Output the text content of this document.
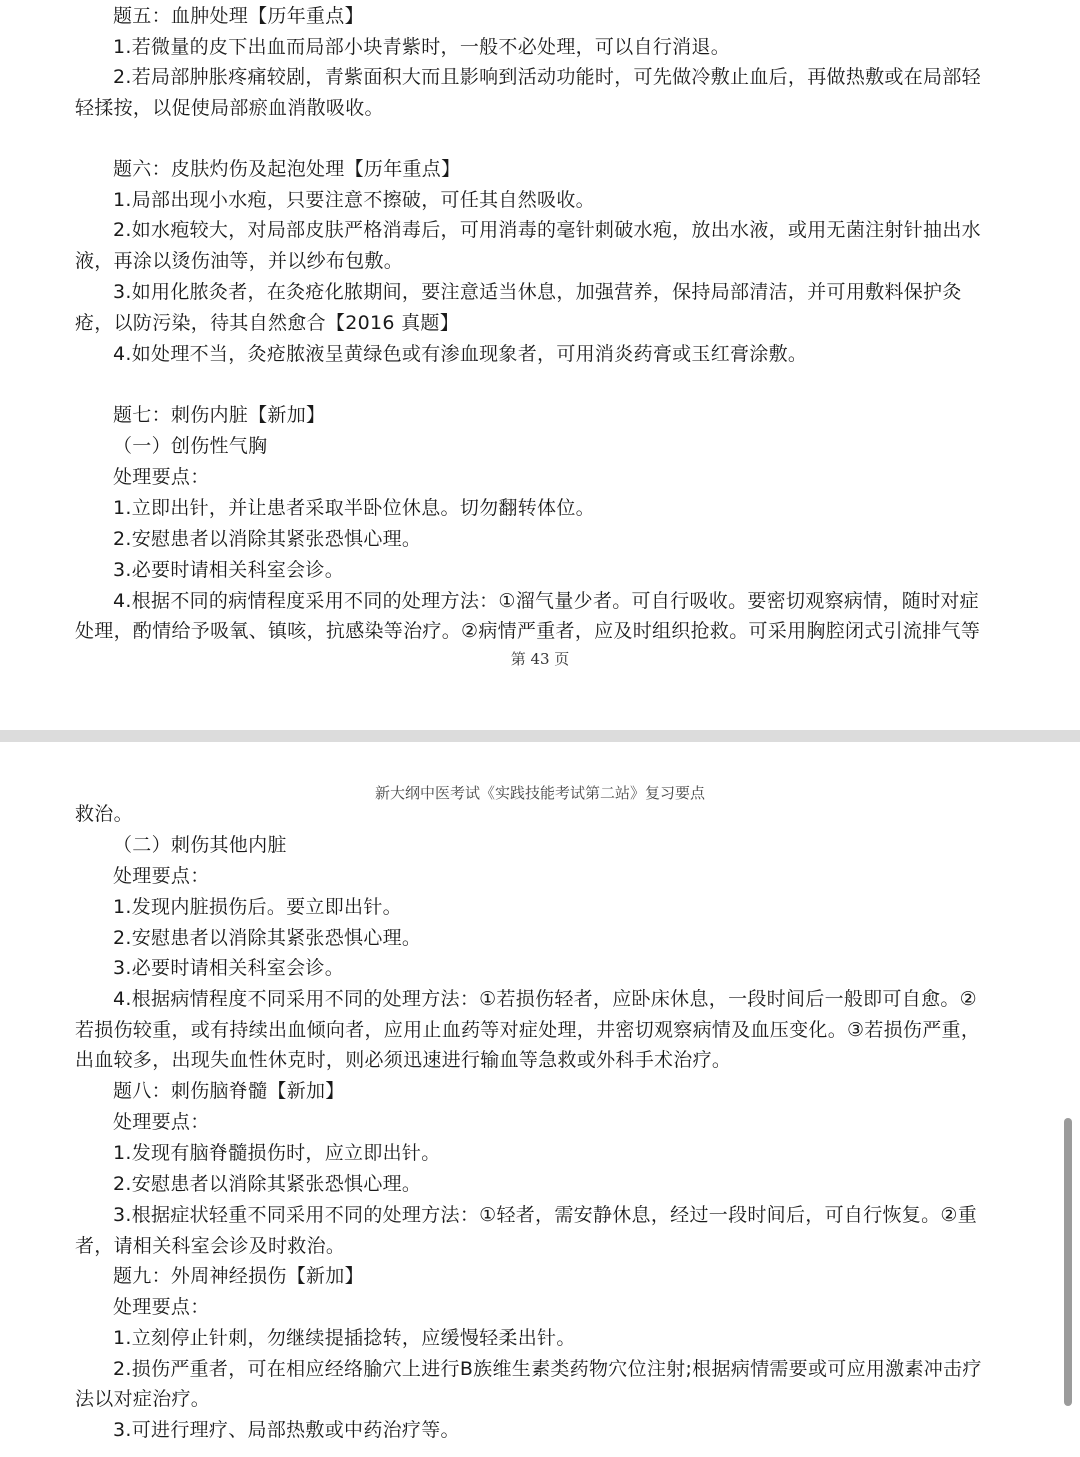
题五：血肿处理【历年重点】
1.若微量的皮下出血而局部小块青紫时，一般不必处理，可以自行消退。
2.若局部肿胀疼痛较剧，青紫面积大而且影响到活动功能时，可先做冷敷止血后，再做热敷或在局部轻
轻揉按，以促使局部瘀血消散吸收。
题六：皮肤灼伤及起泡处理【历年重点】
1.局部出现小水疱，只要注意不擦破，可任其自然吸收。
2.如水疱较大，对局部皮肤严格消毒后，可用消毒的毫针刺破水疱，放出水液，或用无菌注射针抽出水
液，再涂以烫伤油等，并以纱布包敷。
3.如用化脓灸者，在灸疮化脓期间，要注意适当休息，加强营养，保持局部清洁，并可用敷料保护灸
疮，以防污染，待其自然愈合【2016 真题】
4.如处理不当，灸疮脓液呈黄绿色或有渗血现象者，可用消炎药膏或玉红膏涂敷。
题七：刺伤内脏【新加】
（一）创伤性气胸
处理要点：
1.立即出针，并让患者采取半卧位休息。切勿翻转体位。
2.安慰患者以消除其紧张恐惧心理。
3.必要时请相关科室会诊。
4.根据不同的病情程度采用不同的处理方法：①溜气量少者。可自行吸收。要密切观察病情，随时对症
处理，酌情给予吸氧、镇咳，抗感染等治疗。②病情严重者，应及时组织抢救。可采用胸腔闭式引流排气等
第 43 页
新大纲中医考试《实践技能考试第二站》复习要点
救治。
（二）刺伤其他内脏
处理要点：
1.发现内脏损伤后。要立即出针。
2.安慰患者以消除其紧张恐惧心理。
3.必要时请相关科室会诊。
4.根据病情程度不同采用不同的处理方法：①若损伤轻者，应卧床休息，一段时间后一般即可自愈。②
若损伤较重，或有持续出血倾向者，应用止血药等对症处理，井密切观察病情及血压变化。③若损伤严重，
出血较多，出现失血性休克时，则必须迅速进行输血等急救或外科手术治疗。
题八：刺伤脑脊髓【新加】
处理要点：
1.发现有脑脊髓损伤时，应立即出针。
2.安慰患者以消除其紧张恐惧心理。
3.根据症状轻重不同采用不同的处理方法：①轻者，需安静休息，经过一段时间后，可自行恢复。②重
者，请相关科室会诊及时救治。
题九：外周神经损伤【新加】
处理要点：
1.立刻停止针刺，勿继续提插捻转，应缓慢轻柔出针。
2.损伤严重者，可在相应经络腧穴上进行B族维生素类药物穴位注射;根据病情需要或可应用激素冲击疗
法以对症治疗。
3.可进行理疗、局部热敷或中药治疗等。
